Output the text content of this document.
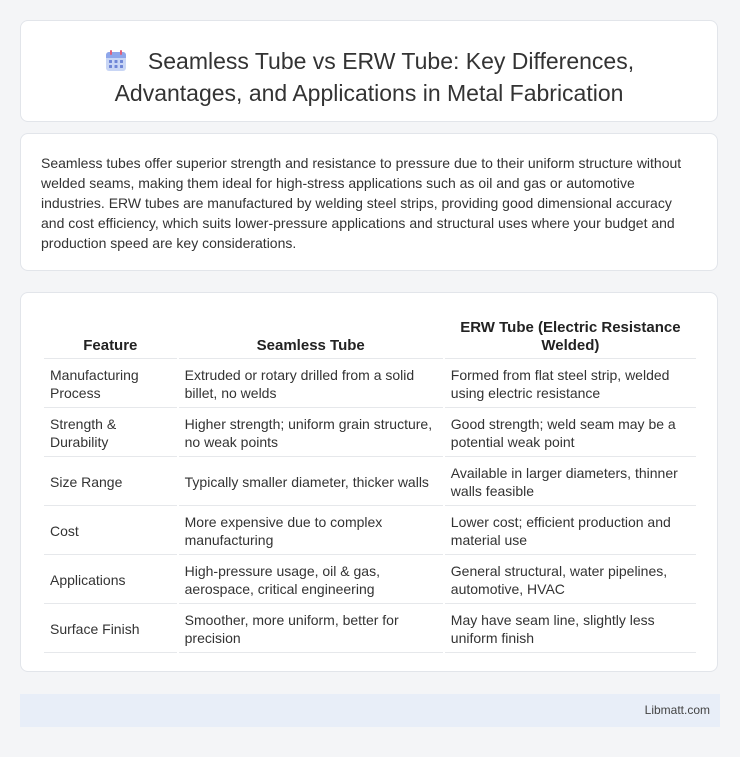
Seamless Tube vs ERW Tube: Key Differences, Advantages, and Applications in Metal Fabrication

Seamless tubes offer superior strength and resistance to pressure due to their uniform structure without welded seams, making them ideal for high-stress applications such as oil and gas or automotive industries. ERW tubes are manufactured by welding steel strips, providing good dimensional accuracy and cost efficiency, which suits lower-pressure applications and structural uses where your budget and production speed are key considerations.

Feature	Seamless Tube	ERW Tube (Electric Resistance Welded)
Manufacturing Process	Extruded or rotary drilled from a solid billet, no welds	Formed from flat steel strip, welded using electric resistance
Strength & Durability	Higher strength; uniform grain structure, no weak points	Good strength; weld seam may be a potential weak point
Size Range	Typically smaller diameter, thicker walls	Available in larger diameters, thinner walls feasible
Cost	More expensive due to complex manufacturing	Lower cost; efficient production and material use
Applications	High-pressure usage, oil & gas, aerospace, critical engineering	General structural, water pipelines, automotive, HVAC
Surface Finish	Smoother, more uniform, better for precision	May have seam line, slightly less uniform finish
Libmatt.com
